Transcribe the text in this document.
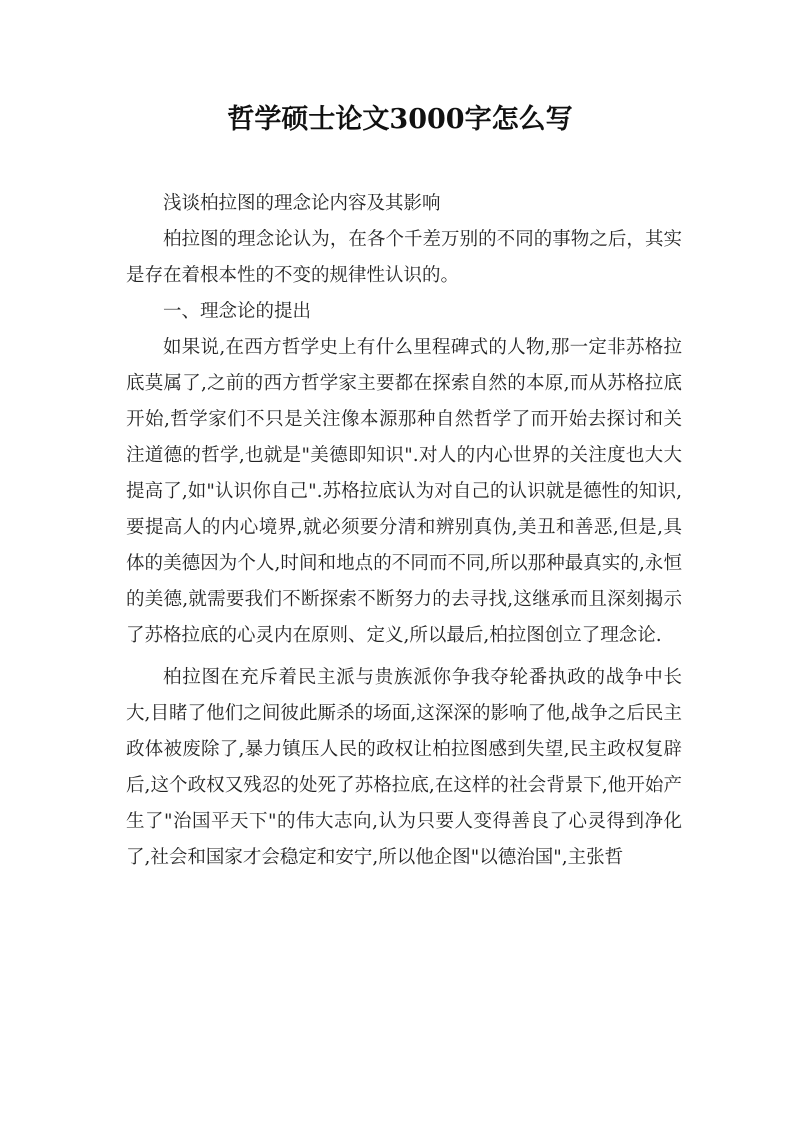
哲学硕士论文3000字怎么写

浅谈柏拉图的理念论内容及其影响

柏拉图的理念论认为，在各个千差万别的不同的事物之后，其实是存在着根本性的不变的规律性认识的。

一、理念论的提出

如果说,在西方哲学史上有什么里程碑式的人物,那一定非苏格拉底莫属了,之前的西方哲学家主要都在探索自然的本原,而从苏格拉底开始,哲学家们不只是关注像本源那种自然哲学了而开始去探讨和关注道德的哲学,也就是"美德即知识".对人的内心世界的关注度也大大提高了,如"认识你自己".苏格拉底认为对自己的认识就是德性的知识,要提高人的内心境界,就必须要分清和辨别真伪,美丑和善恶,但是,具体的美德因为个人,时间和地点的不同而不同,所以那种最真实的,永恒的美德,就需要我们不断探索不断努力的去寻找,这继承而且深刻揭示了苏格拉底的心灵内在原则、定义,所以最后,柏拉图创立了理念论.

柏拉图在充斥着民主派与贵族派你争我夺轮番执政的战争中长大,目睹了他们之间彼此厮杀的场面,这深深的影响了他,战争之后民主政体被废除了,暴力镇压人民的政权让柏拉图感到失望,民主政权复辟后,这个政权又残忍的处死了苏格拉底,在这样的社会背景下,他开始产生了"治国平天下"的伟大志向,认为只要人变得善良了心灵得到净化了,社会和国家才会稳定和安宁,所以他企图"以德治国",主张哲
